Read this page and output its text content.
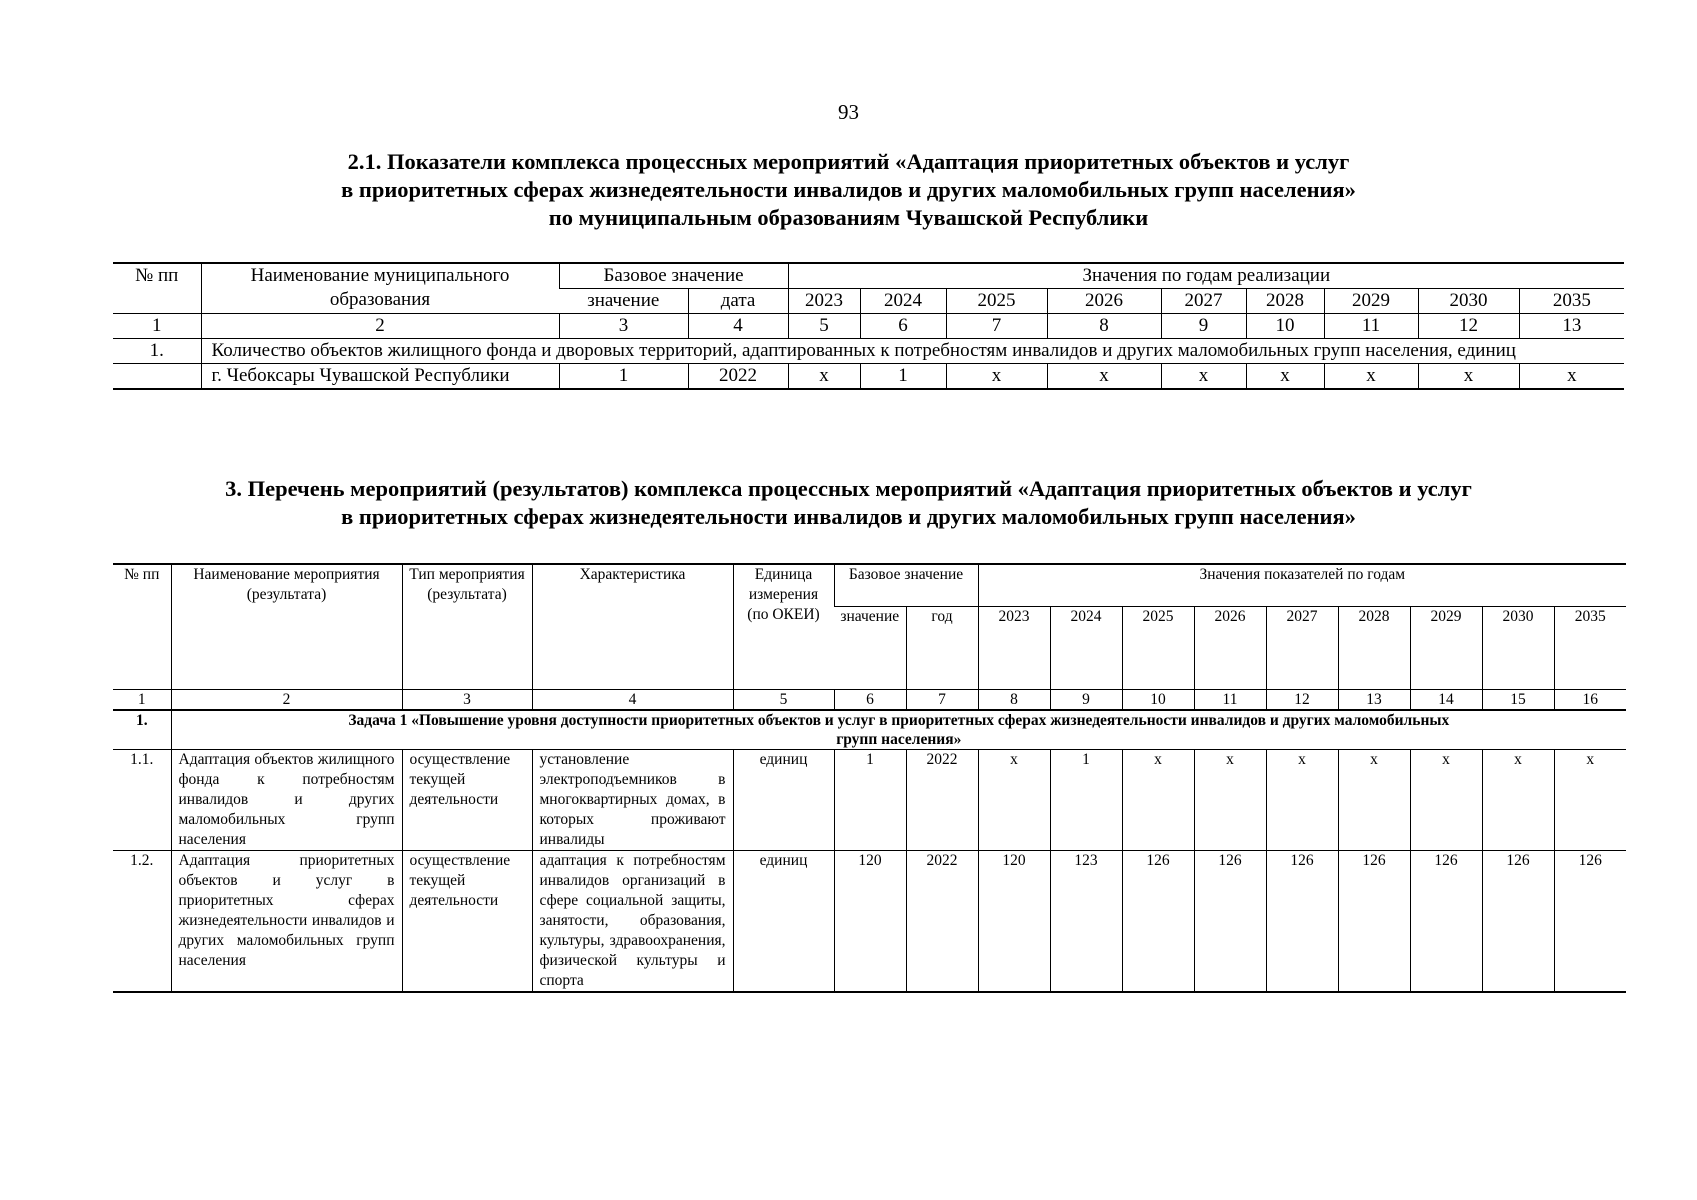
93
2.1. Показатели комплекса процессных мероприятий «Адаптация приоритетных объектов и услуг
в приоритетных сферах жизнедеятельности инвалидов и других маломобильных групп населения»
по муниципальным образованиям Чувашской Республики
№ пп	Наименование муниципального образования	Базовое значение		Значения по годам реализации								
		значение	дата	2023	2024	2025	2026	2027	2028	2029	2030	2035
1	2	3	4	5	6	7	8	9	10	11	12	13
1.	Количество объектов жилищного фонда и дворовых территорий, адаптированных к потребностям инвалидов и других маломобильных групп населения, единиц											
	г. Чебоксары Чувашской Республики	1	2022	х	1	х	х	х	х	х	х	х
3. Перечень мероприятий (результатов) комплекса процессных мероприятий «Адаптация приоритетных объектов и услуг
в приоритетных сферах жизнедеятельности инвалидов и других маломобильных групп населения»
№ пп	Наименование мероприятия (результата)	Тип мероприятия (результата)	Характеристика	Единица измерения (по ОКЕИ)	Базовое значение		Значения показателей по годам								
					значение	год	2023	2024	2025	2026	2027	2028	2029	2030	2035
1	2	3	4	5	6	7	8	9	10	11	12	13	14	15	16
1.	Задача 1 «Повышение уровня доступности приоритетных объектов и услуг в приоритетных сферах жизнедеятельности инвалидов и других маломобильных групп населения»														
1.1.	Адаптация объектов жилищного фонда к потребностям инвалидов и других маломобильных групп населения	осуществление текущей деятельности	установление электроподъемников в многоквартирных домах, в которых проживают инвалиды	единиц	1	2022	х	1	х	х	х	х	х	х	х
1.2.	Адаптация приоритетных объектов и услуг в приоритетных сферах жизнедеятельности инвалидов и других маломобильных групп населения	осуществление текущей деятельности	адаптация к потребностям инвалидов организаций в сфере социальной защиты, занятости, образования, культуры, здравоохранения, физической культуры и спорта	единиц	120	2022	120	123	126	126	126	126	126	126	126
